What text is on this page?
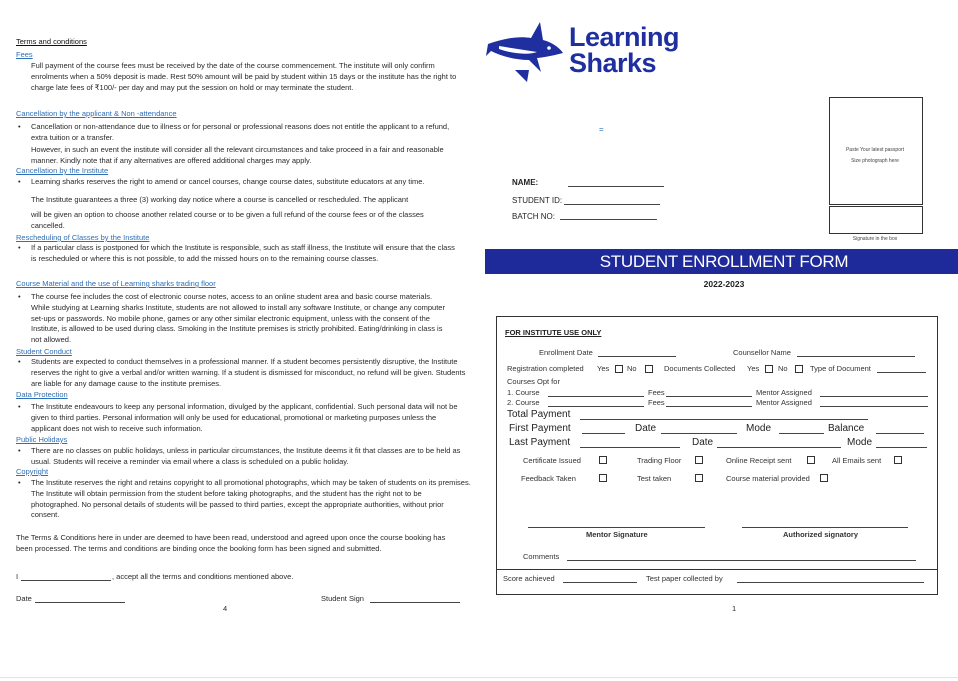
Terms and conditions
Fees
Full payment of the course fees must be received by the date of the course commencement. The institute will only confirm enrolments when a 50% deposit is made. Rest 50% amount will be paid by student within 15 days or the institute has the right to charge late fees of ₹100/- per day and may put the session on hold or may terminate the student.
Cancellation by the applicant & Non -attendance
• Cancellation or non-attendance due to illness or for personal or professional reasons does not entitle the applicant to a refund, extra tuition or a transfer.
However, in such an event the institute will consider all the relevant circumstances and take proceed in a fair and reasonable manner. Kindly note that if any alternatives are offered additional charges may apply.
Cancellation by the Institute
• Learning sharks reserves the right to amend or cancel courses, change course dates, substitute educators at any time.
The Institute guarantees a three (3) working day notice where a course is cancelled or rescheduled. The applicant
will be given an option to choose another related course or to be given a full refund of the course fees or of the classes cancelled.
Rescheduling of Classes by the Institute
• If a particular class is postponed for which the Institute is responsible, such as staff illness, the Institute will ensure that the class is rescheduled or where this is not possible, to add the missed hours on to the remaining course classes.
Course Material and the use of Learning sharks trading floor
• The course fee includes the cost of electronic course notes, access to an online student area and basic course materials. While studying at Learning sharks Institute, students are not allowed to install any software Institute, or change any computer set-ups or passwords. No mobile phone, games or any other similar electronic equipment, unless with the consent of the Institute, is allowed to be used during class. Smoking in the Institute premises is strictly prohibited. Eating/drinking in class is not allowed.
Student Conduct
• Students are expected to conduct themselves in a professional manner. If a student becomes persistently disruptive, the Institute reserves the right to give a verbal and/or written warning. If a student is dismissed for misconduct, no refund will be given. Students are liable for any damage cause to the institute premises.
Data Protection
• The Institute endeavours to keep any personal information, divulged by the applicant, confidential. Such personal data will not be given to third parties. Personal information will only be used for educational, promotional or marketing purposes unless the applicant does not wish to receive such information.
Public Holidays
• There are no classes on public holidays, unless in particular circumstances, the Institute deems it fit that classes are to be held as usual. Students will receive a reminder via email where a class is scheduled on a public holiday.
Copyright
• The Institute reserves the right and retains copyright to all promotional photographs, which may be taken of students on its premises. The Institute will obtain permission from the student before taking photographs, and the student has the right not to be photographed. No personal details of students will be passed to third parties, except the appropriate authorities, without prior consent.
The Terms & Conditions here in under are deemed to have been read, understood and agreed upon once the course booking has been processed. The terms and conditions are binding once the booking form has been signed and submitted.
I	, accept all the terms and conditions mentioned above.
Date	Student Sign
4
Learning
Sharks
Paste Your latest passport
Size photograph here
Signature in the box
=
NAME:
STUDENT ID:
BATCH NO:
STUDENT ENROLLMENT FORM
2022-2023
FOR INSTITUTE USE ONLY
Enrollment Date	Counsellor Name
Registration completed Yes No	Documents Collected Yes	No	Type of Document
Courses Opt for
1. Course	Fees	Mentor Assigned
2. Course	Fees	Mentor Assigned
Total Payment
First Payment	Date	Mode	Balance
Last Payment	Date	Mode
Certificate Issued	Trading Floor	Online Receipt sent	All Emails sent
Feedback Taken	Test taken	Course material provided
Mentor Signature	Authorized signatory
Comments
Score achieved	Test paper collected by
1
